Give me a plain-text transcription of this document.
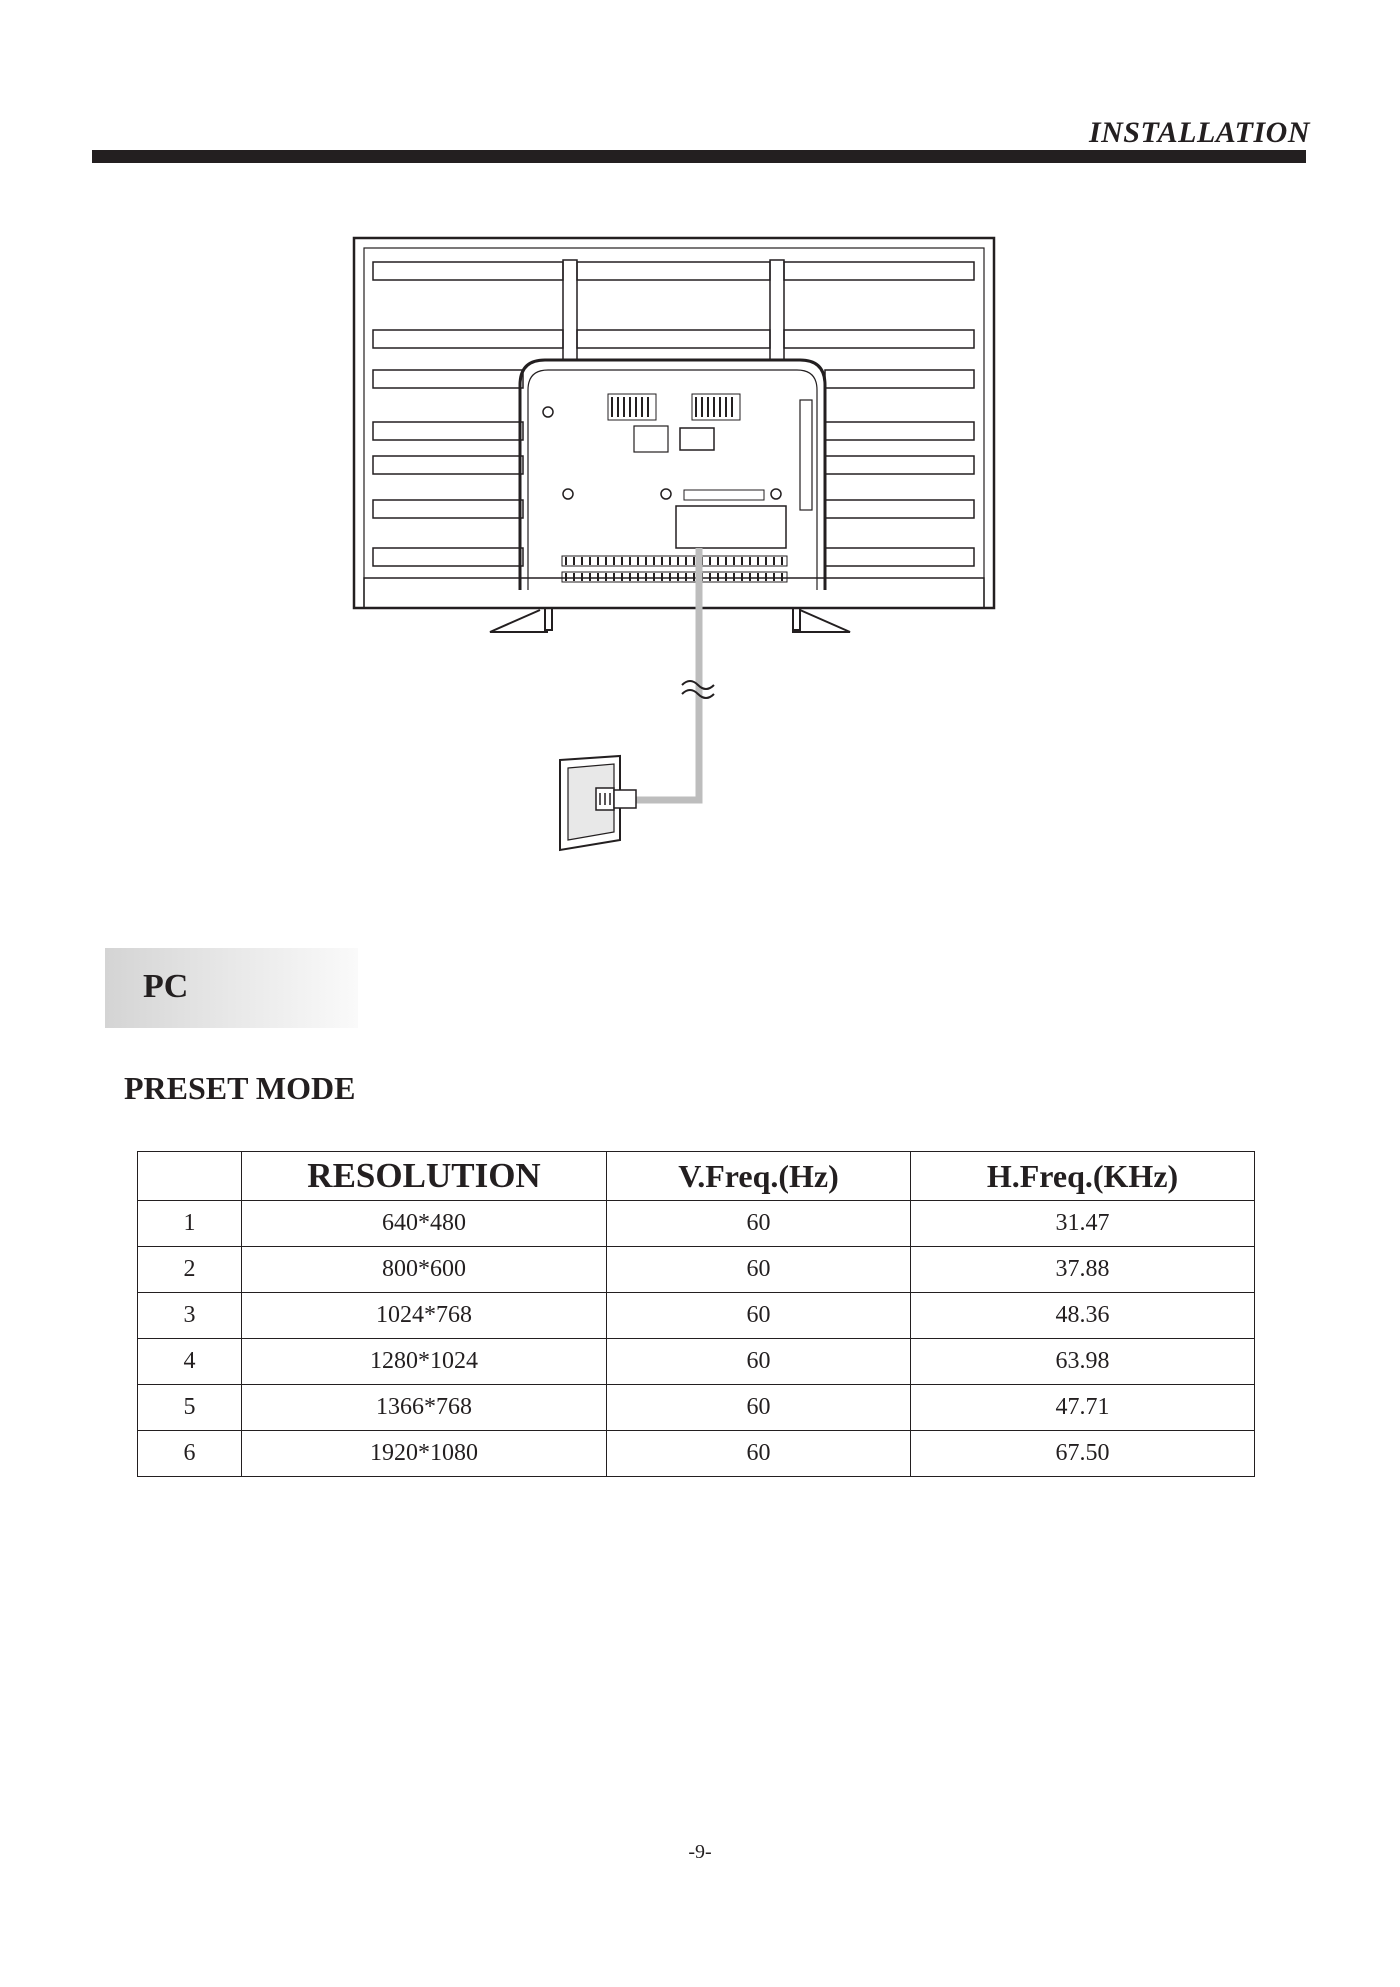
INSTALLATION
PC
PRESET MODE
	RESOLUTION	V.Freq.(Hz)	H.Freq.(KHz)
1	640*480	60	31.47
2	800*600	60	37.88
3	1024*768	60	48.36
4	1280*1024	60	63.98
5	1366*768	60	47.71
6	1920*1080	60	67.50
-9-
